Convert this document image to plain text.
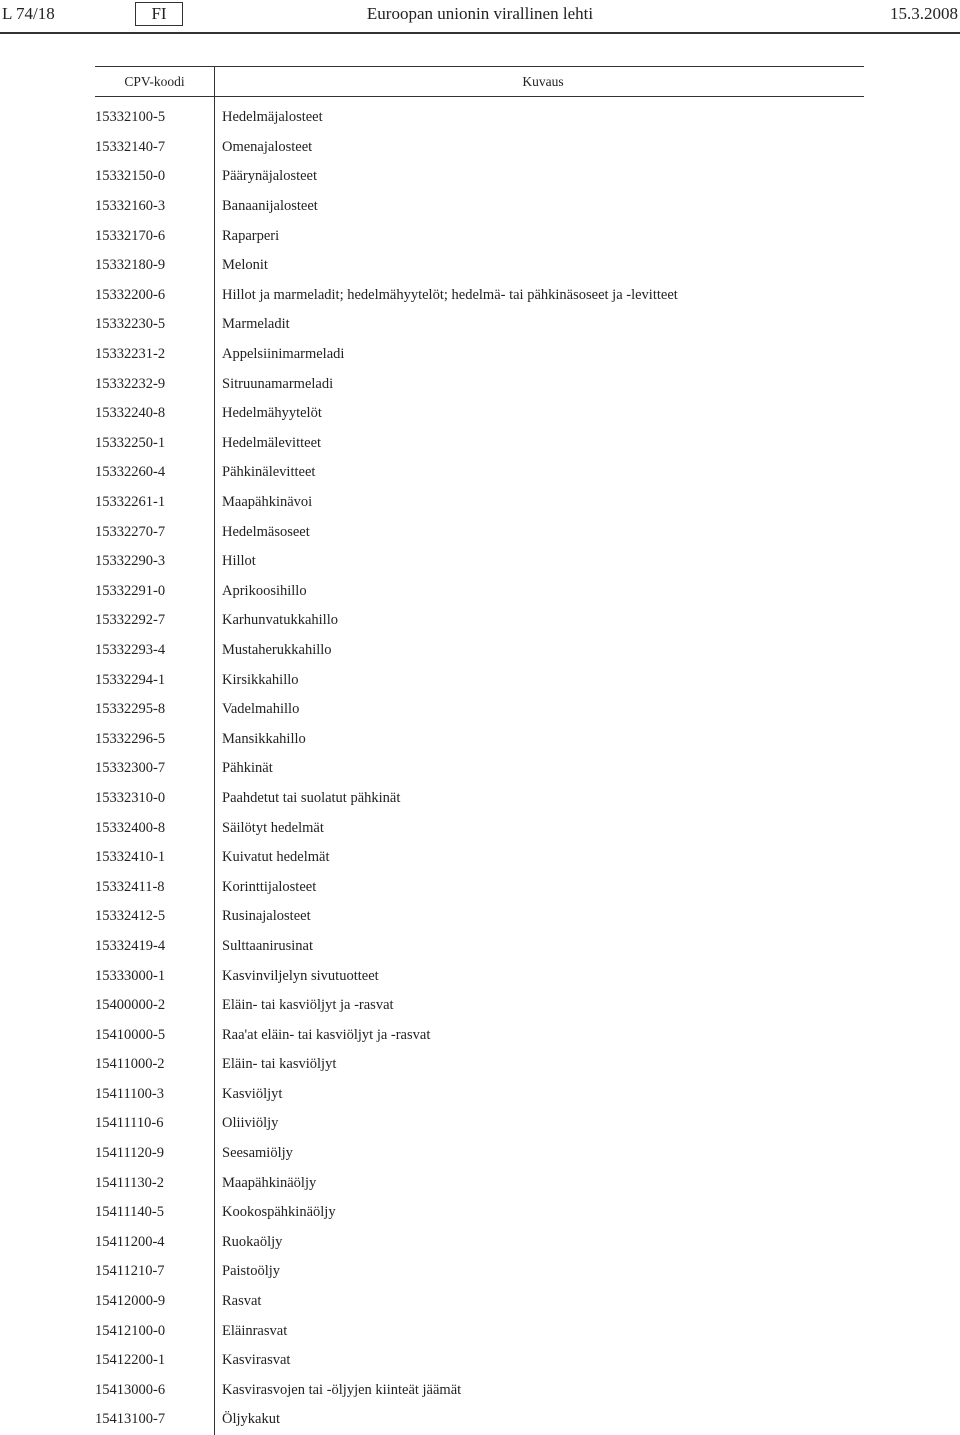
L 74/18	Euroopan unionin virallinen lehti
FI	15.3.2008
CPV-koodi	Kuvaus
15332100-5	Hedelmäjalosteet
15332140-7	Omenajalosteet
15332150-0	Päärynäjalosteet
15332160-3	Banaanijalosteet
15332170-6	Raparperi
15332180-9	Melonit
15332200-6	Hillot ja marmeladit; hedelmähyytelöt; hedelmä- tai pähkinäsoseet ja -levitteet
15332230-5	Marmeladit
15332231-2	Appelsiinimarmeladi
15332232-9	Sitruunamarmeladi
15332240-8	Hedelmähyytelöt
15332250-1	Hedelmälevitteet
15332260-4	Pähkinälevitteet
15332261-1	Maapähkinävoi
15332270-7	Hedelmäsoseet
15332290-3	Hillot
15332291-0	Aprikoosihillo
15332292-7	Karhunvatukkahillo
15332293-4	Mustaherukkahillo
15332294-1	Kirsikkahillo
15332295-8	Vadelmahillo
15332296-5	Mansikkahillo
15332300-7	Pähkinät
15332310-0	Paahdetut tai suolatut pähkinät
15332400-8	Säilötyt hedelmät
15332410-1	Kuivatut hedelmät
15332411-8	Korinttijalosteet
15332412-5	Rusinajalosteet
15332419-4	Sulttaanirusinat
15333000-1	Kasvinviljelyn sivutuotteet
15400000-2	Eläin- tai kasviöljyt ja -rasvat
15410000-5	Raa'at eläin- tai kasviöljyt ja -rasvat
15411000-2	Eläin- tai kasviöljyt
15411100-3	Kasviöljyt
15411110-6	Oliiviöljy
15411120-9	Seesamiöljy
15411130-2	Maapähkinäöljy
15411140-5	Kookospähkinäöljy
15411200-4	Ruokaöljy
15411210-7	Paistoöljy
15412000-9	Rasvat
15412100-0	Eläinrasvat
15412200-1	Kasvirasvat
15413000-6	Kasvirasvojen tai -öljyjen kiinteät jäämät
15413100-7	Öljykakut
